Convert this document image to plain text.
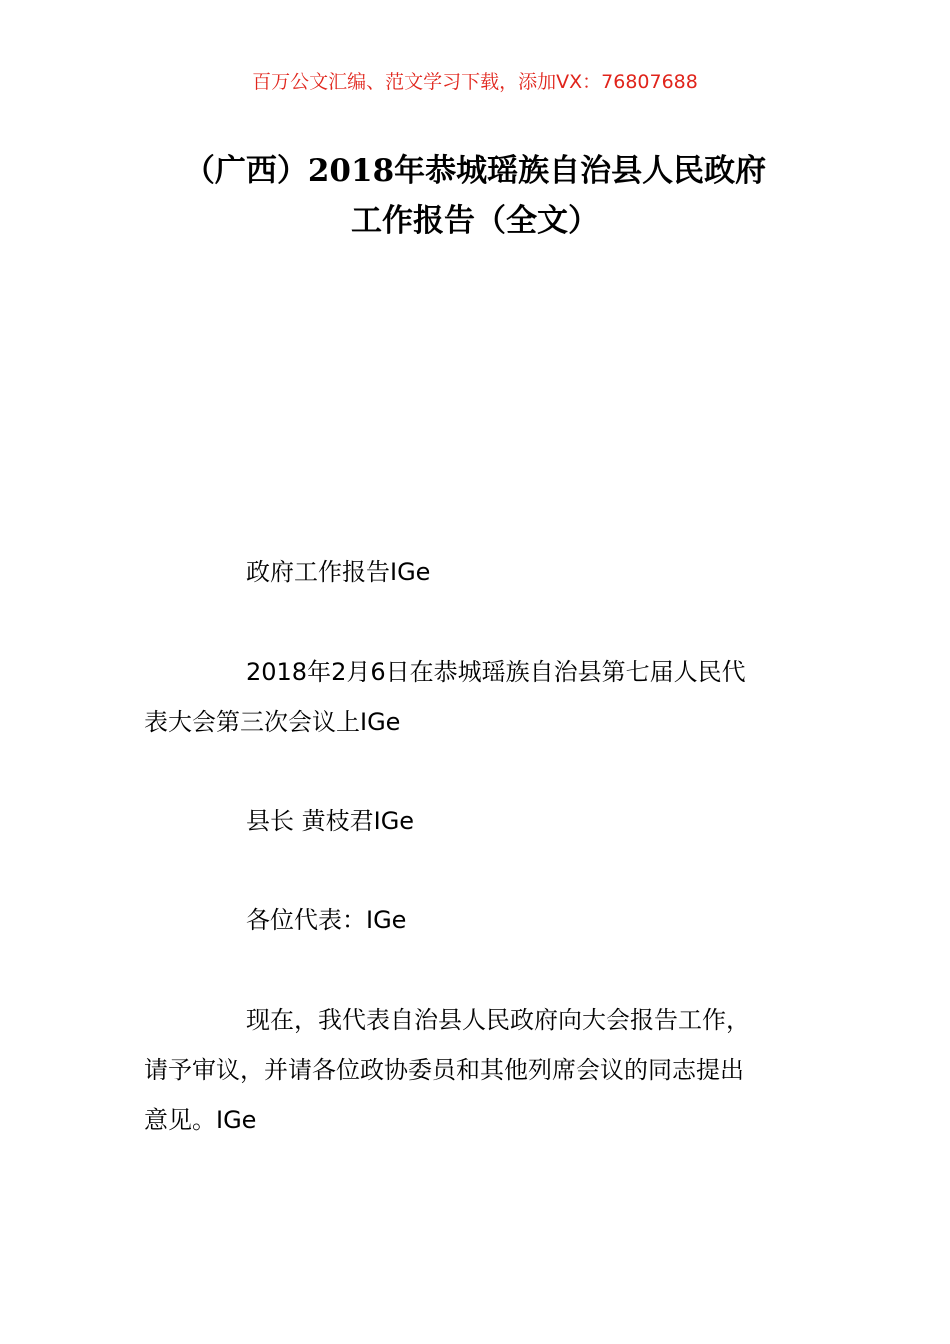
百万公文汇编、范文学习下载，添加VX：76807688
（广西）2018年恭城瑶族自治县人民政府
工作报告（全文）
政府工作报告IGe
2018年2月6日在恭城瑶族自治县第七届人民代
表大会第三次会议上IGe
县长 黄枝君IGe
各位代表：IGe
现在，我代表自治县人民政府向大会报告工作，
请予审议，并请各位政协委员和其他列席会议的同志提出
意见。IGe
